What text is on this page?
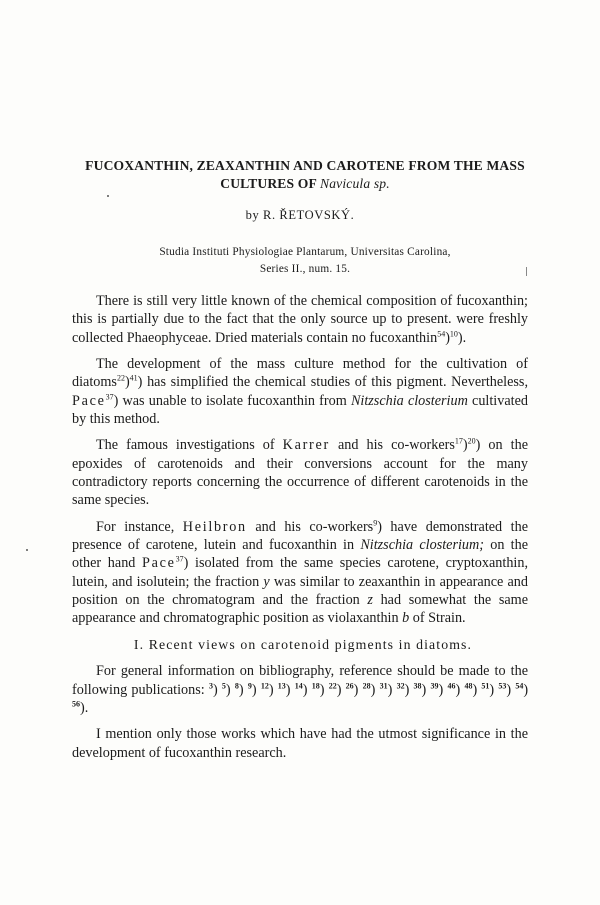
FUCOXANTHIN, ZEAXANTHIN AND CAROTENE FROM THE MASS
CULTURES OF Navicula sp.
by R. ŘETOVSKÝ.
Studia Instituti Physiologiae Plantarum, Universitas Carolina,
Series II., num. 15.

There is still very little known of the chemical composition of fucoxanthin; this is partially due to the fact that the only source up to present. were freshly collected Phaeophyceae. Dried materials contain no fucoxanthin$^{54}$)$^{10}$).

The development of the mass culture method for the cultivation of diatoms$^{22}$)$^{41}$) has simplified the chemical studies of this pigment. Nevertheless, Pace$^{37}$) was unable to isolate fucoxanthin from Nitzschia closterium cultivated by this method.

The famous investigations of Karrer and his co-workers$^{17}$)$^{20}$) on the epoxides of carotenoids and their conversions account for the many contradictory reports concerning the occurrence of different carotenoids in the same species.

For instance, Heilbron and his co-workers$^9$) have demonstrated the presence of carotene, lutein and fucoxanthin in Nitzschia closterium; on the other hand Pace$^{37}$) isolated from the same species carotene, cryptoxanthin, lutein, and isolutein; the fraction y was similar to zeaxanthin in appearance and position on the chromatogram and the fraction z had somewhat the same appearance and chromatographic position as violaxanthin b of Strain.

I. Recent views on carotenoid pigments in diatoms.

For general information on bibliography, reference should be made to the following publications: $^3$) $^5$) $^8$) $^9$) $^{12}$) $^{13}$) $^{14}$) $^{18}$) $^{22}$) $^{26}$) $^{28}$) $^{31}$) $^{32}$) $^{38}$) $^{39}$) $^{46}$) $^{48}$) $^{51}$) $^{53}$) $^{54}$) $^{56}$).

I mention only those works which have had the utmost significance in the development of fucoxanthin research.
